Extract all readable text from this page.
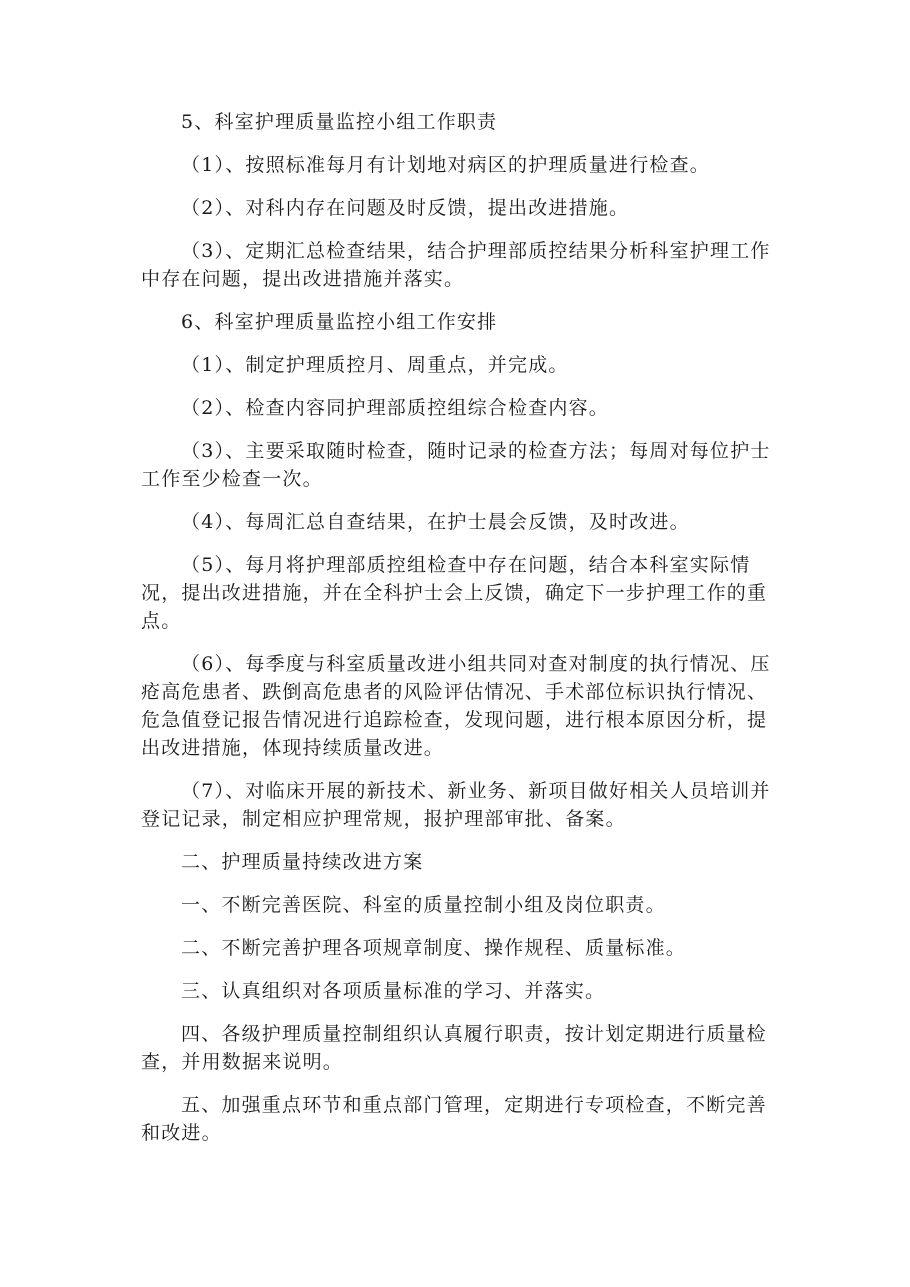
5、科室护理质量监控小组工作职责

（1）、按照标准每月有计划地对病区的护理质量进行检查。

（2）、对科内存在问题及时反馈，提出改进措施。

（3）、定期汇总检查结果，结合护理部质控结果分析科室护理工作中存在问题，提出改进措施并落实。

6、科室护理质量监控小组工作安排

（1）、制定护理质控月、周重点，并完成。

（2）、检查内容同护理部质控组综合检查内容。

（3）、主要采取随时检查，随时记录的检查方法；每周对每位护士工作至少检查一次。

（4）、每周汇总自查结果，在护士晨会反馈，及时改进。

（5）、每月将护理部质控组检查中存在问题，结合本科室实际情况，提出改进措施，并在全科护士会上反馈，确定下一步护理工作的重点。

（6）、每季度与科室质量改进小组共同对查对制度的执行情况、压疮高危患者、跌倒高危患者的风险评估情况、手术部位标识执行情况、危急值登记报告情况进行追踪检查，发现问题，进行根本原因分析，提出改进措施，体现持续质量改进。

（7）、对临床开展的新技术、新业务、新项目做好相关人员培训并登记记录，制定相应护理常规，报护理部审批、备案。

二、护理质量持续改进方案

一、不断完善医院、科室的质量控制小组及岗位职责。

二、不断完善护理各项规章制度、操作规程、质量标准。

三、认真组织对各项质量标准的学习、并落实。

四、各级护理质量控制组织认真履行职责，按计划定期进行质量检查，并用数据来说明。

五、加强重点环节和重点部门管理，定期进行专项检查，不断完善和改进。
